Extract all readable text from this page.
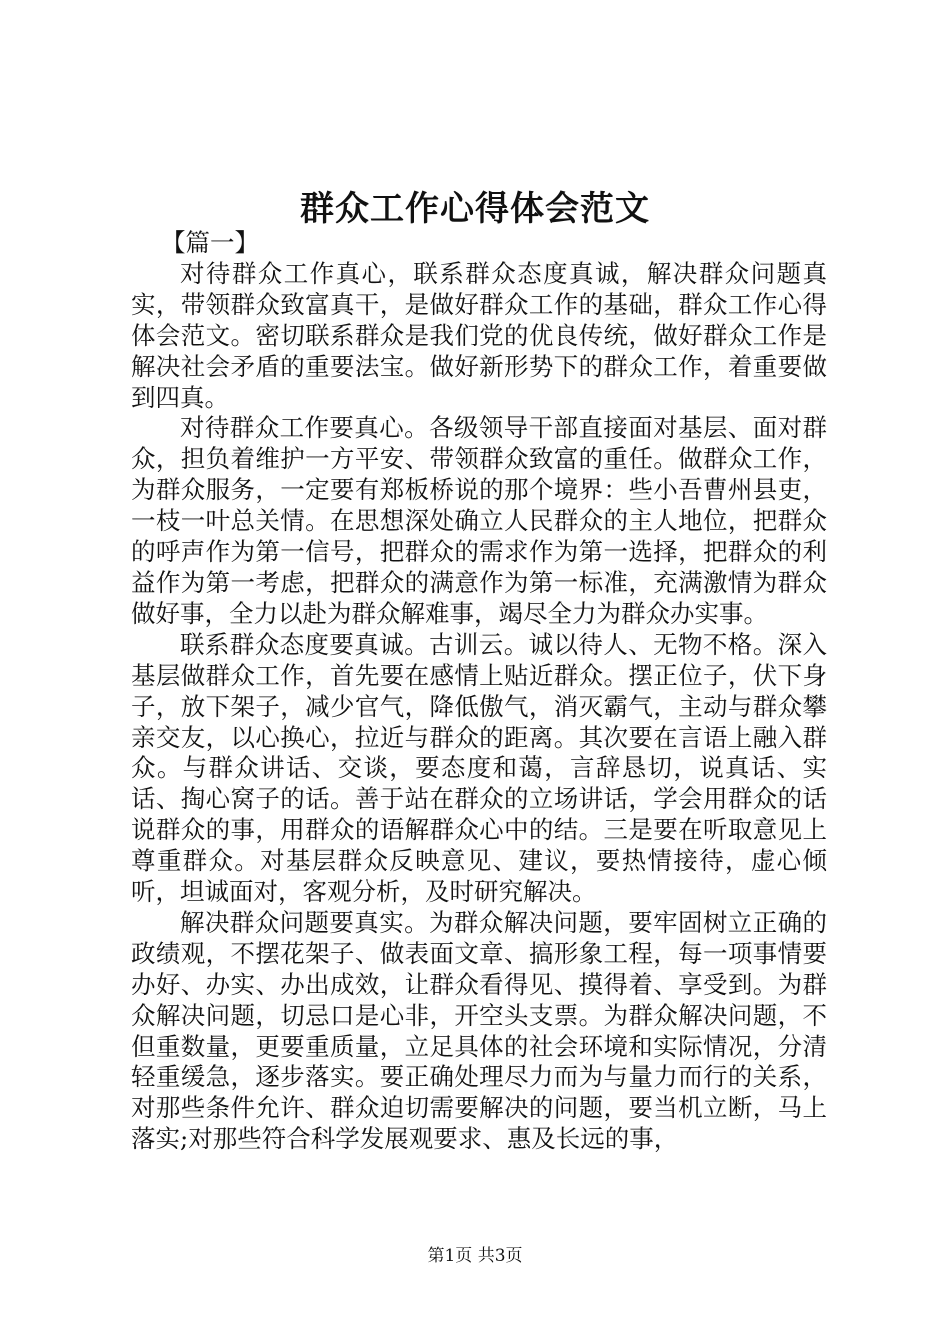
群众工作心得体会范文

【篇一】

对待群众工作真心，联系群众态度真诚，解决群众问题真实，带领群众致富真干，是做好群众工作的基础，群众工作心得体会范文。密切联系群众是我们党的优良传统，做好群众工作是解决社会矛盾的重要法宝。做好新形势下的群众工作，着重要做到四真。

对待群众工作要真心。各级领导干部直接面对基层、面对群众，担负着维护一方平安、带领群众致富的重任。做群众工作，为群众服务，一定要有郑板桥说的那个境界：些小吾曹州县吏，一枝一叶总关情。在思想深处确立人民群众的主人地位，把群众的呼声作为第一信号，把群众的需求作为第一选择，把群众的利益作为第一考虑，把群众的满意作为第一标准，充满激情为群众做好事，全力以赴为群众解难事，竭尽全力为群众办实事。

联系群众态度要真诚。古训云。诚以待人、无物不格。深入基层做群众工作，首先要在感情上贴近群众。摆正位子，伏下身子，放下架子，减少官气，降低傲气，消灭霸气，主动与群众攀亲交友，以心换心，拉近与群众的距离。其次要在言语上融入群众。与群众讲话、交谈，要态度和蔼，言辞恳切，说真话、实话、掏心窝子的话。善于站在群众的立场讲话，学会用群众的话说群众的事，用群众的语解群众心中的结。三是要在听取意见上尊重群众。对基层群众反映意见、建议，要热情接待，虚心倾听，坦诚面对，客观分析，及时研究解决。

解决群众问题要真实。为群众解决问题，要牢固树立正确的政绩观，不摆花架子、做表面文章、搞形象工程，每一项事情要办好、办实、办出成效，让群众看得见、摸得着、享受到。为群众解决问题，切忌口是心非，开空头支票。为群众解决问题，不但重数量，更要重质量，立足具体的社会环境和实际情况，分清轻重缓急，逐步落实。要正确处理尽力而为与量力而行的关系，对那些条件允许、群众迫切需要解决的问题，要当机立断，马上落实;对那些符合科学发展观要求、惠及长远的事，

第1页 共3页
